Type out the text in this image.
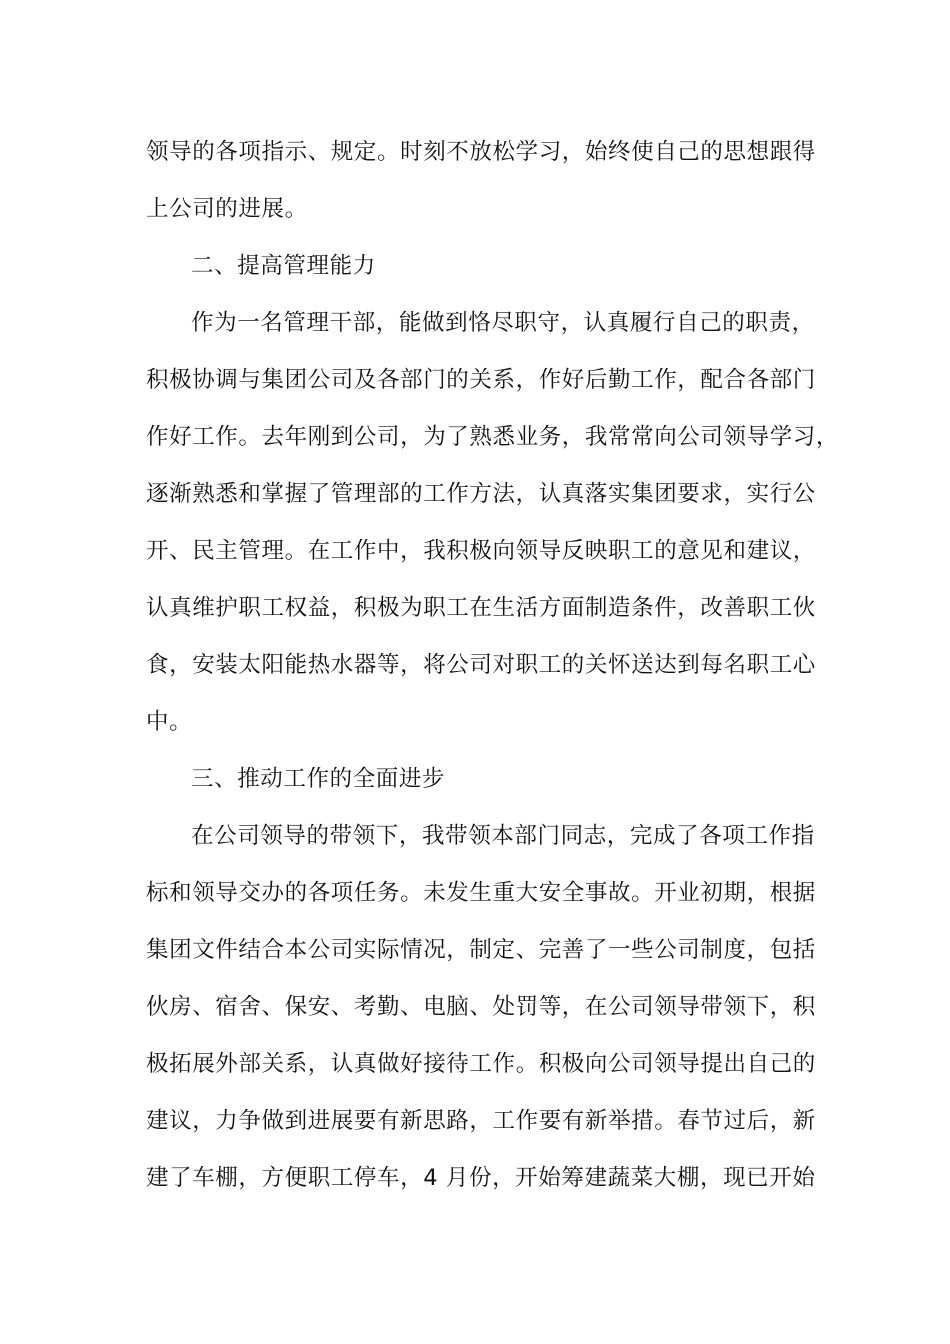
领导的各项指示、规定。时刻不放松学习，始终使自己的思想跟得
上公司的进展。
二、提高管理能力
作为一名管理干部，能做到恪尽职守，认真履行自己的职责，
积极协调与集团公司及各部门的关系，作好后勤工作，配合各部门
作好工作。去年刚到公司，为了熟悉业务，我常常向公司领导学习，
逐渐熟悉和掌握了管理部的工作方法，认真落实集团要求，实行公
开、民主管理。在工作中，我积极向领导反映职工的意见和建议，
认真维护职工权益，积极为职工在生活方面制造条件，改善职工伙
食，安装太阳能热水器等，将公司对职工的关怀送达到每名职工心
中。
三、推动工作的全面进步
在公司领导的带领下，我带领本部门同志，完成了各项工作指
标和领导交办的各项任务。未发生重大安全事故。开业初期，根据
集团文件结合本公司实际情况，制定、完善了一些公司制度，包括
伙房、宿舍、保安、考勤、电脑、处罚等，在公司领导带领下，积
极拓展外部关系，认真做好接待工作。积极向公司领导提出自己的
建议，力争做到进展要有新思路，工作要有新举措。春节过后，新
建了车棚，方便职工停车，4 月份，开始筹建蔬菜大棚，现已开始
